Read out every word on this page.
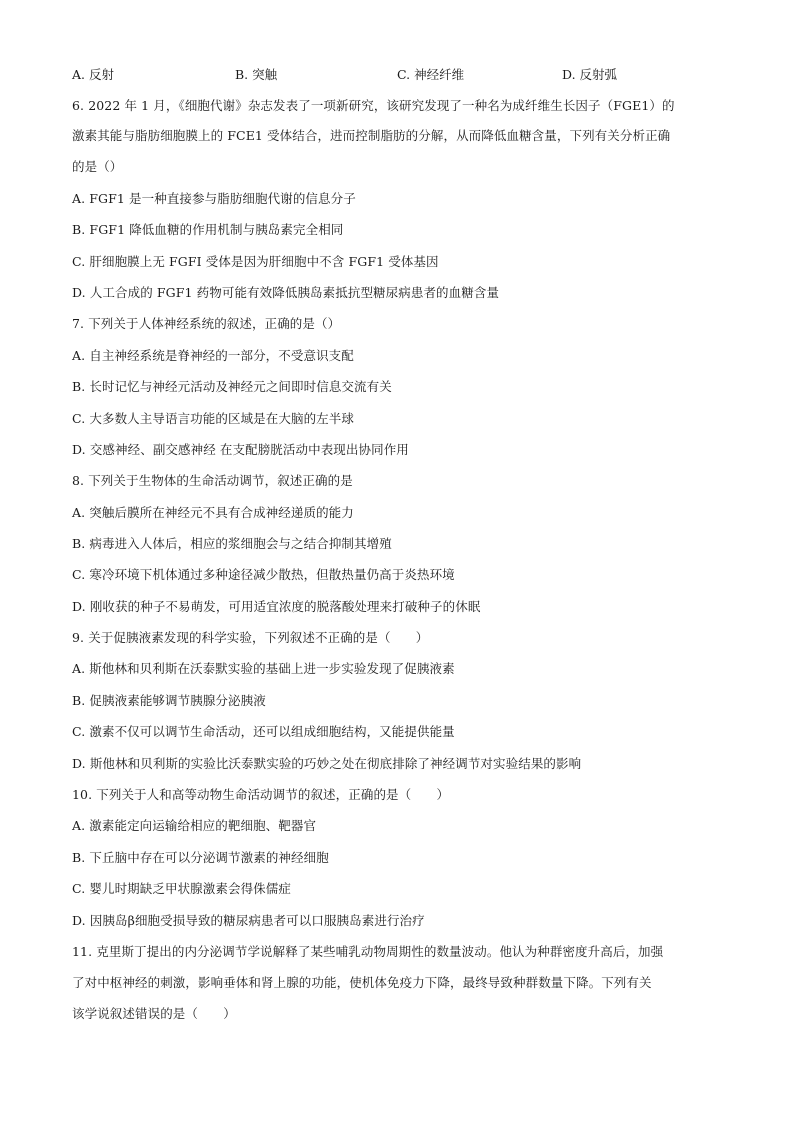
A. 反射	B. 突触	C. 神经纤维	D. 反射弧
6. 2022 年 1 月，《细胞代谢》杂志发表了一项新研究，该研究发现了一种名为成纤维生长因子（FGE1）的
激素其能与脂肪细胞膜上的 FCE1 受体结合，进而控制脂肪的分解，从而降低血糖含量，下列有关分析正确
的是（）
A. FGF1 是一种直接参与脂肪细胞代谢的信息分子
B. FGF1 降低血糖的作用机制与胰岛素完全相同
C. 肝细胞膜上无 FGFI 受体是因为肝细胞中不含 FGF1 受体基因
D. 人工合成的 FGF1 药物可能有效降低胰岛素抵抗型糖尿病患者的血糖含量
7. 下列关于人体神经系统的叙述，正确的是（）
A. 自主神经系统是脊神经的一部分，不受意识支配
B. 长时记忆与神经元活动及神经元之间即时信息交流有关
C. 大多数人主导语言功能的区域是在大脑的左半球
D. 交感神经、副交感神经 在支配膀胱活动中表现出协同作用
8. 下列关于生物体的生命活动调节，叙述正确的是
A. 突触后膜所在神经元不具有合成神经递质的能力
B. 病毒进入人体后，相应的浆细胞会与之结合抑制其增殖
C. 寒冷环境下机体通过多种途径减少散热，但散热量仍高于炎热环境
D. 刚收获的种子不易萌发，可用适宜浓度的脱落酸处理来打破种子的休眠
9. 关于促胰液素发现的科学实验，下列叙述不正确的是（　　）
A. 斯他林和贝利斯在沃泰默实验的基础上进一步实验发现了促胰液素
B. 促胰液素能够调节胰腺分泌胰液
C. 激素不仅可以调节生命活动，还可以组成细胞结构，又能提供能量
D. 斯他林和贝利斯的实验比沃泰默实验的巧妙之处在彻底排除了神经调节对实验结果的影响
10. 下列关于人和高等动物生命活动调节的叙述，正确的是（　　）
A. 激素能定向运输给相应的靶细胞、靶器官
B. 下丘脑中存在可以分泌调节激素的神经细胞
C. 婴儿时期缺乏甲状腺激素会得侏儒症
D. 因胰岛β细胞受损导致的糖尿病患者可以口服胰岛素进行治疗
11. 克里斯丁提出的内分泌调节学说解释了某些哺乳动物周期性的数量波动。他认为种群密度升高后，加强
了对中枢神经的刺激，影响垂体和肾上腺的功能，使机体免疫力下降，最终导致种群数量下降。下列有关
该学说叙述错误的是（　　）
